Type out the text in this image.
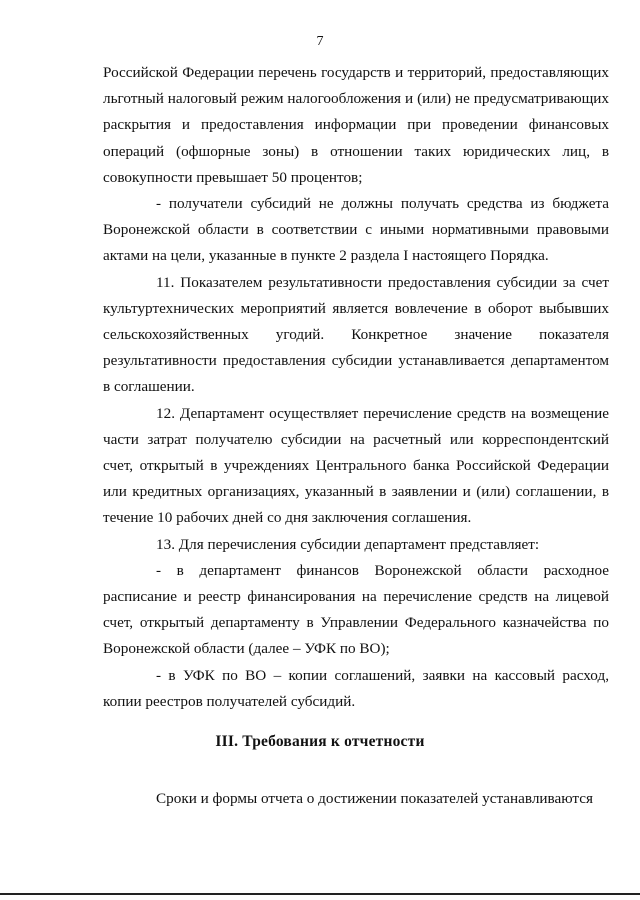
7

Российской Федерации перечень государств и территорий, предоставляющих льготный налоговый режим налогообложения и (или) не предусматривающих раскрытия и предоставления информации при проведении финансовых операций (офшорные зоны) в отношении таких юридических лиц, в совокупности превышает 50 процентов;

- получатели субсидий не должны получать средства из бюджета Воронежской области в соответствии с иными нормативными правовыми актами на цели, указанные в пункте 2 раздела I настоящего Порядка.

11. Показателем результативности предоставления субсидии за счет культуртехнических мероприятий является вовлечение в оборот выбывших сельскохозяйственных угодий. Конкретное значение показателя результативности предоставления субсидии устанавливается департаментом в соглашении.

12. Департамент осуществляет перечисление средств на возмещение части затрат получателю субсидии на расчетный или корреспондентский счет, открытый в учреждениях Центрального банка Российской Федерации или кредитных организациях, указанный в заявлении и (или) соглашении, в течение 10 рабочих дней со дня заключения соглашения.

13. Для перечисления субсидии департамент представляет:

- в департамент финансов Воронежской области расходное расписание и реестр финансирования на перечисление средств на лицевой счет, открытый департаменту в Управлении Федерального казначейства по Воронежской области (далее – УФК по ВО);

- в УФК по ВО – копии соглашений, заявки на кассовый расход, копии реестров получателей субсидий.

III. Требования к отчетности

Сроки и формы отчета о достижении показателей устанавливаются
